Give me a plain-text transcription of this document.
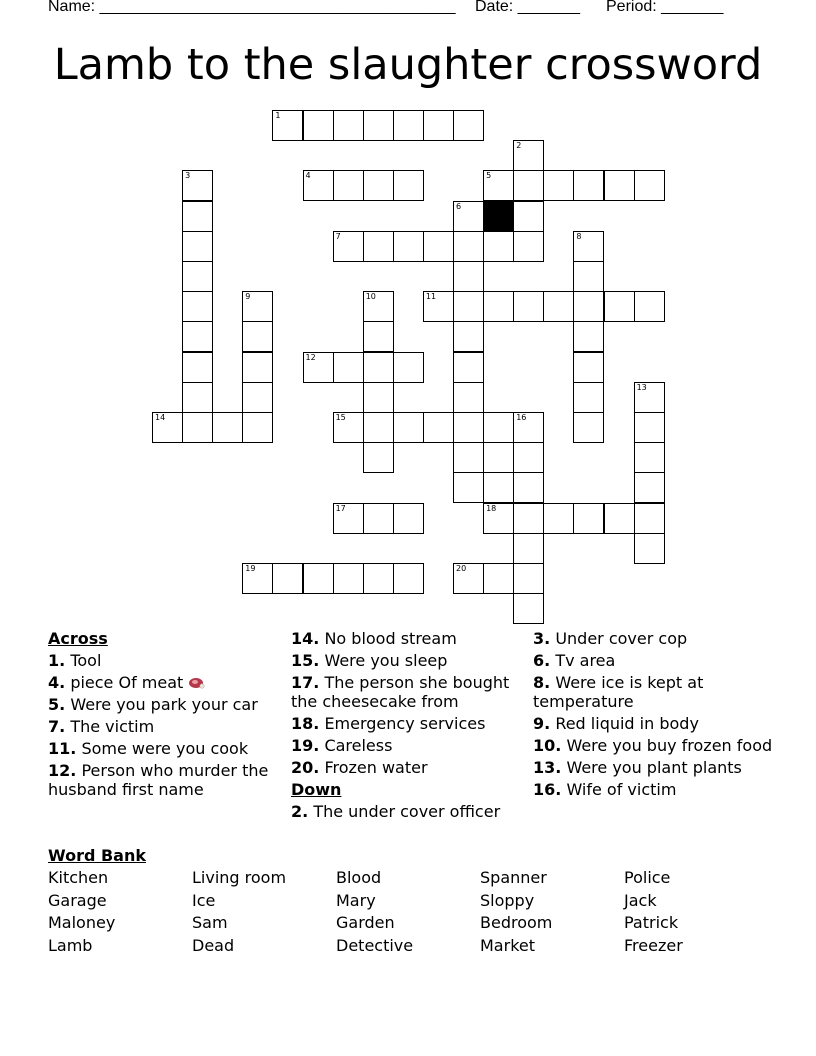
Name: ________________________________________ Date: _______ Period: _______
Lamb to the slaughter crossword
1
2
3	4	5
6
7	8
9	10	11
12
13
14	15	16
17	18
19	20
Across
1. Tool
4. piece Of meat
5. Were you park your car
7. The victim
11. Some were you cook
12. Person who murder the husband first name
14. No blood stream
15. Were you sleep
17. The person she bought the cheesecake from
18. Emergency services
19. Careless
20. Frozen water
Down
2. The under cover officer
3. Under cover cop
6. Tv area
8. Were ice is kept at temperature
9. Red liquid in body
10. Were you buy frozen food
13. Were you plant plants
16. Wife of victim
Word Bank
Kitchen	Living room	Blood	Spanner	Police
Garage	Ice	Mary	Sloppy	Jack
Maloney	Sam	Garden	Bedroom	Patrick
Lamb	Dead	Detective	Market	Freezer
